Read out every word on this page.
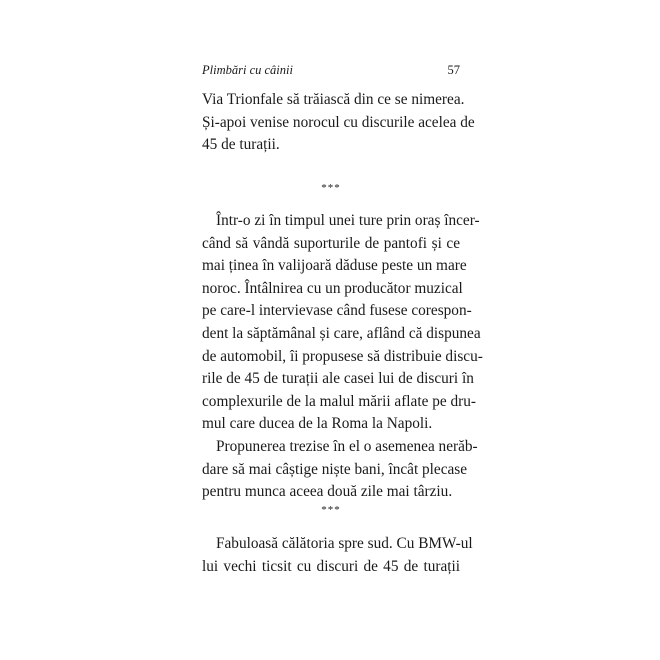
Plimbări cu câinii	57
Via Trionfale să trăiască din ce se nimerea.
Și-apoi venise norocul cu discurile acelea de
45 de turații.
***
Într-o zi în timpul unei ture prin oraș încer-
când să vândă suporturile de pantofi și ce
mai ținea în valijoară dăduse peste un mare
noroc. Întâlnirea cu un producător muzical
pe care-l intervievase când fusese corespon-
dent la săptămânal și care, aflând că dispunea
de automobil, îi propusese să distribuie discu-
rile de 45 de turații ale casei lui de discuri în
complexurile de la malul mării aflate pe dru-
mul care ducea de la Roma la Napoli.
Propunerea trezise în el o asemenea nerăb-
dare să mai câștige niște bani, încât plecase
pentru munca aceea două zile mai târziu.
***
Fabuloasă călătoria spre sud. Cu BMW-ul
lui vechi ticsit cu discuri de 45 de turații
